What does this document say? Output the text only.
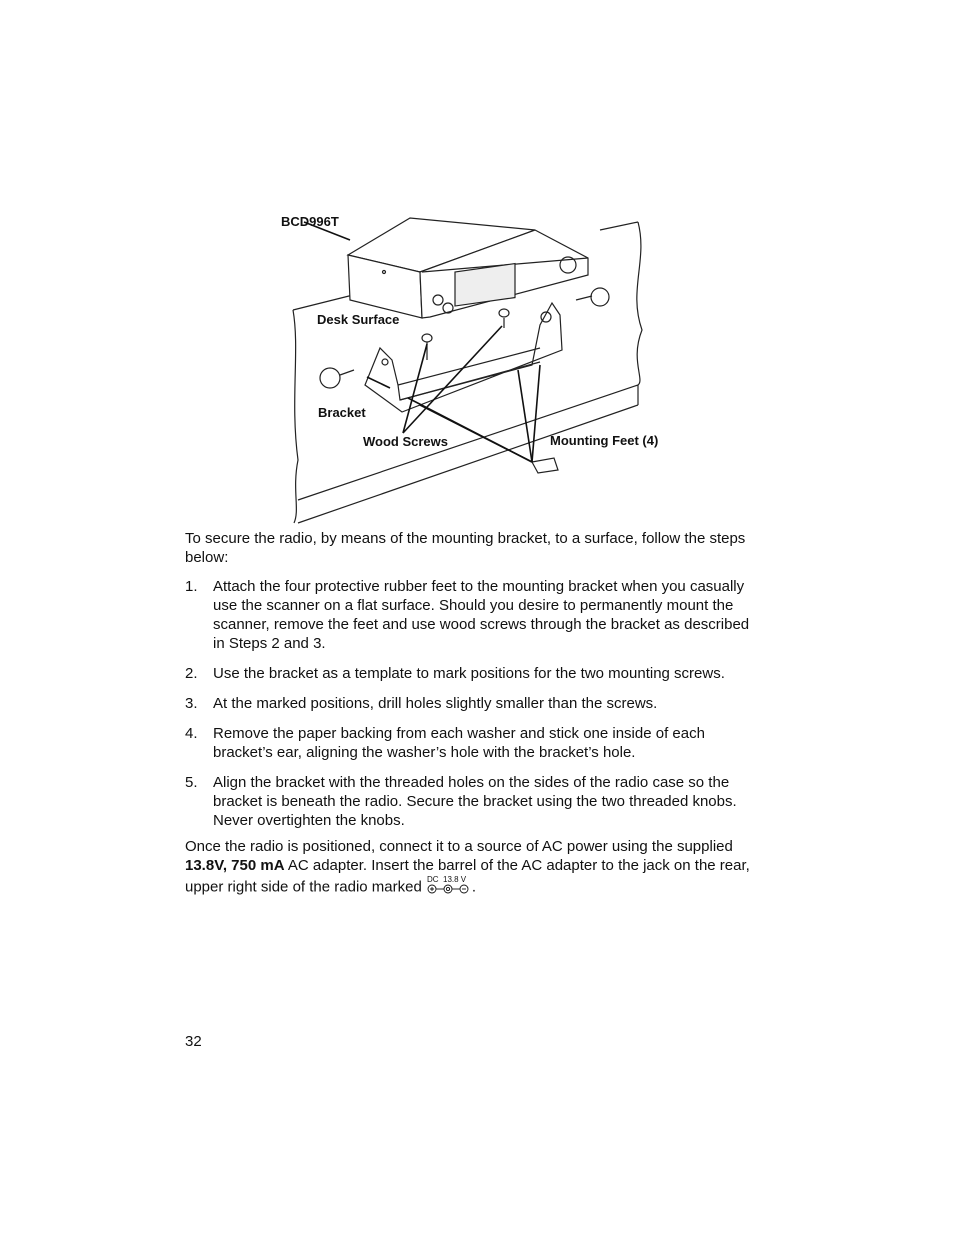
BCD996T
Desk Surface
Bracket
Wood Screws	Mounting Feet (4)
To secure the radio, by means of the mounting bracket, to a surface, follow the steps below:
1. Attach the four protective rubber feet to the mounting bracket when you casually use the scanner on a flat surface. Should you desire to permanently mount the scanner, remove the feet and use wood screws through the bracket as described in Steps 2 and 3.
2. Use the bracket as a template to mark positions for the two mounting screws.
3. At the marked positions, drill holes slightly smaller than the screws.
4. Remove the paper backing from each washer and stick one inside of each bracket’s ear, aligning the washer’s hole with the bracket’s hole.
5. Align the bracket with the threaded holes on the sides of the radio case so the bracket is beneath the radio. Secure the bracket using the two threaded knobs. Never overtighten the knobs.
Once the radio is positioned, connect it to a source of AC power using the supplied 13.8V, 750 mA AC adapter. Insert the barrel of the AC adapter to the jack on the rear, upper right side of the radio marked DC 13.8 V .
32
